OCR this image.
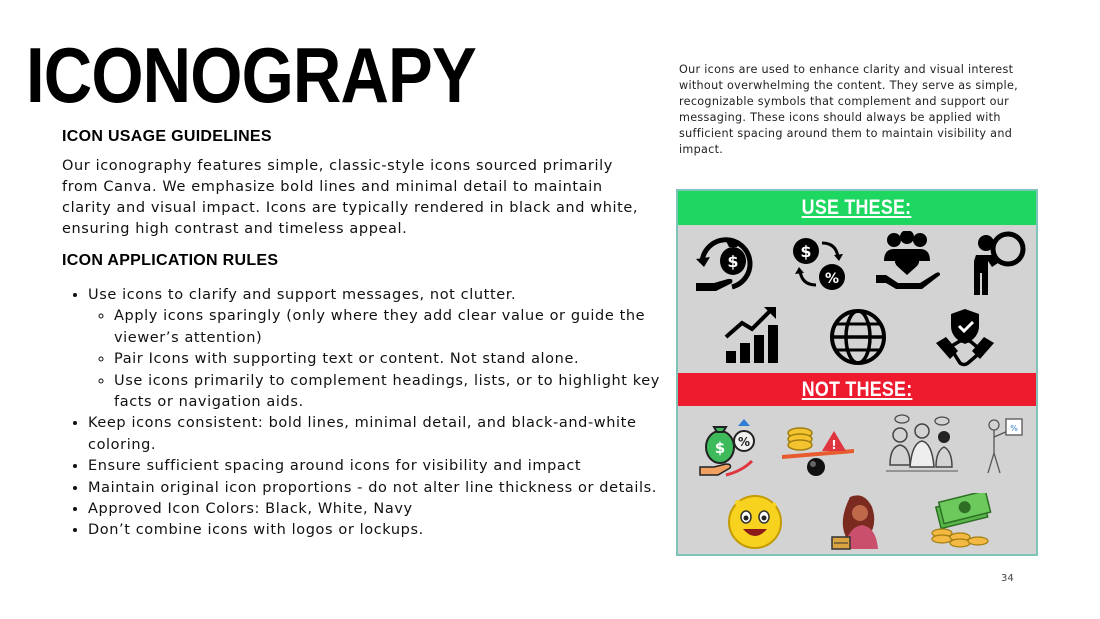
ICONOGRAPY	Our icons are used to enhance clarity and visual interest without overwhelming the content. They serve as simple, recognizable symbols that complement and support our messaging. These icons should always be applied with sufficient spacing around them to maintain visibility and impact.

ICON USAGE GUIDELINES

Our iconography features simple, classic-style icons sourced primarily from Canva. We emphasize bold lines and minimal detail to maintain clarity and visual impact. Icons are typically rendered in black and white, ensuring high contrast and timeless appeal.

ICON APPLICATION RULES
• Use icons to clarify and support messages, not clutter.
◦ Apply icons sparingly (only where they add clear value or guide the viewer’s attention)
◦ Pair Icons with supporting text or content. Not stand alone.
◦ Use icons primarily to complement headings, lists, or to highlight key facts or navigation aids.
• Keep icons consistent: bold lines, minimal detail, and black-and-white coloring.
• Ensure sufficient spacing around icons for visibility and impact
• Maintain original icon proportions - do not alter line thickness or details.
• Approved Icon Colors: Black, White, Navy
• Don’t combine icons with logos or lockups.
USE THESE:
$
$
%
NOT THESE:
$ %	!
%

34
